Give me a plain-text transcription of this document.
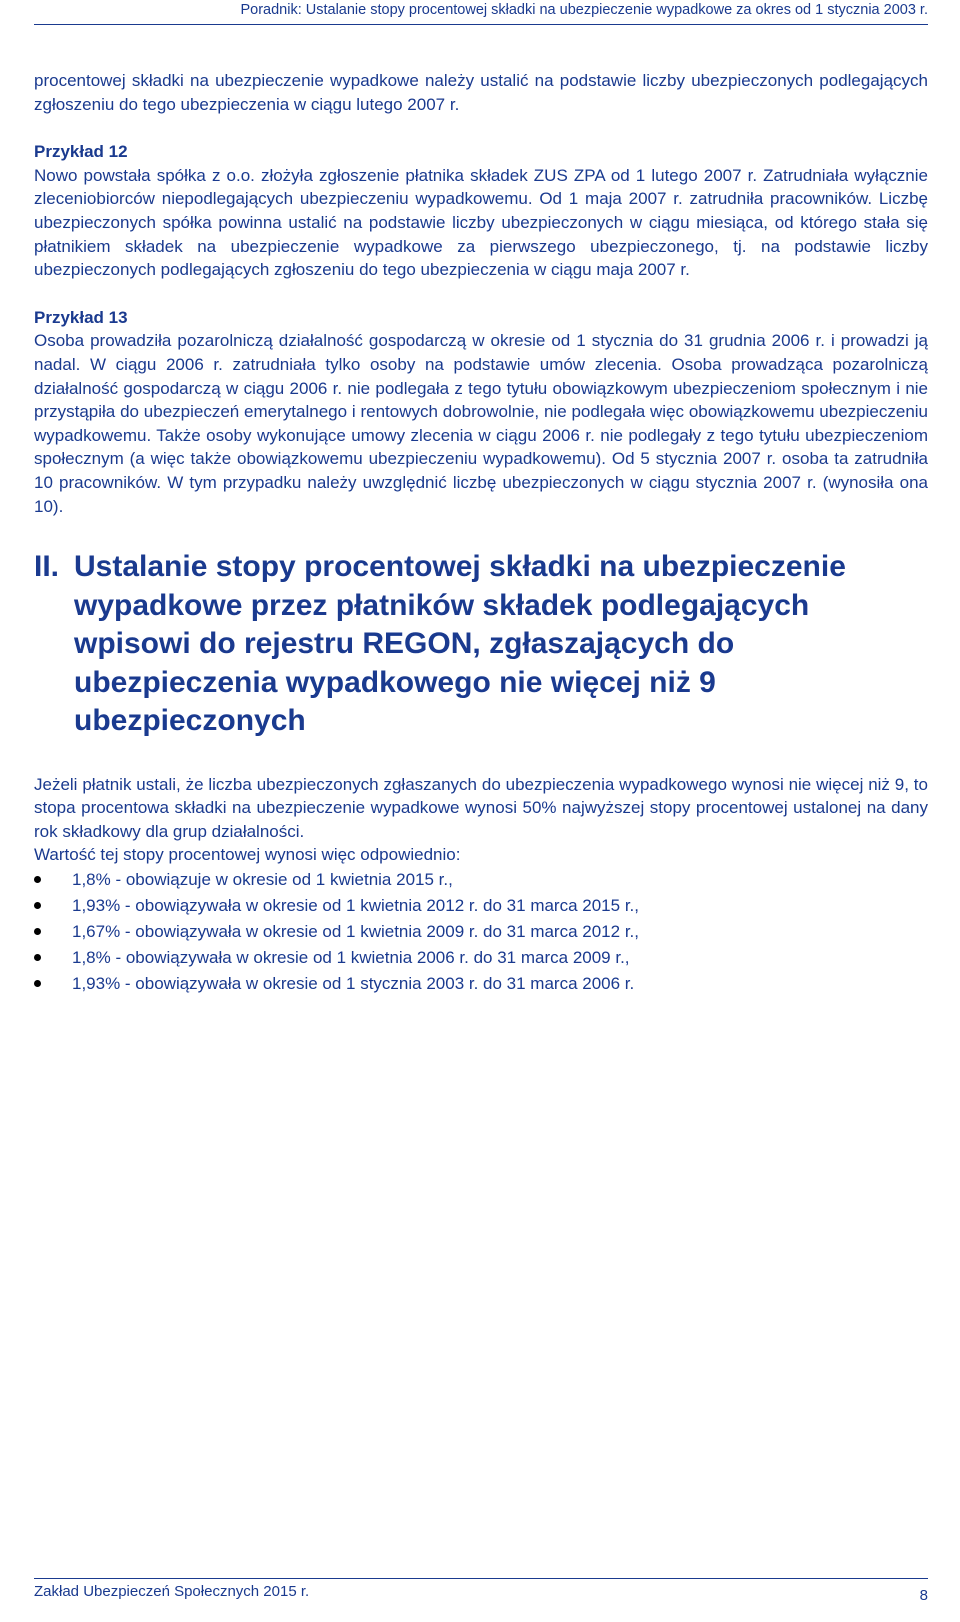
Poradnik: Ustalanie stopy procentowej składki na ubezpieczenie wypadkowe za okres od 1 stycznia 2003 r.

procentowej składki na ubezpieczenie wypadkowe należy ustalić na podstawie liczby ubezpieczonych podlegających zgłoszeniu do tego ubezpieczenia w ciągu lutego 2007 r.

Przykład 12

Nowo powstała spółka z o.o. złożyła zgłoszenie płatnika składek ZUS ZPA od 1 lutego 2007 r. Zatrudniała wyłącznie zleceniobiorców niepodlegających ubezpieczeniu wypadkowemu. Od 1 maja 2007 r. zatrudniła pracowników. Liczbę ubezpieczonych spółka powinna ustalić na podstawie liczby ubezpieczonych w ciągu miesiąca, od którego stała się płatnikiem składek na ubezpieczenie wypadkowe za pierwszego ubezpieczonego, tj. na podstawie liczby ubezpieczonych podlegających zgłoszeniu do tego ubezpieczenia w ciągu maja 2007 r.

Przykład 13

Osoba prowadziła pozarolniczą działalność gospodarczą w okresie od 1 stycznia do 31 grudnia 2006 r. i prowadzi ją nadal. W ciągu 2006 r. zatrudniała tylko osoby na podstawie umów zlecenia. Osoba prowadząca pozarolniczą działalność gospodarczą w ciągu 2006 r. nie podlegała z tego tytułu obowiązkowym ubezpieczeniom społecznym i nie przystąpiła do ubezpieczeń emerytalnego i rentowych dobrowolnie, nie podlegała więc obowiązkowemu ubezpieczeniu wypadkowemu. Także osoby wykonujące umowy zlecenia w ciągu 2006 r. nie podlegały z tego tytułu ubezpieczeniom społecznym (a więc także obowiązkowemu ubezpieczeniu wypadkowemu). Od 5 stycznia 2007 r. osoba ta zatrudniła 10 pracowników. W tym przypadku należy uwzględnić liczbę ubezpieczonych w ciągu stycznia 2007 r. (wynosiła ona 10).

II. Ustalanie stopy procentowej składki na ubezpieczenie wypadkowe przez płatników składek podlegających wpisowi do rejestru REGON, zgłaszających do ubezpieczenia wypadkowego nie więcej niż 9 ubezpieczonych

Jeżeli płatnik ustali, że liczba ubezpieczonych zgłaszanych do ubezpieczenia wypadkowego wynosi nie więcej niż 9, to stopa procentowa składki na ubezpieczenie wypadkowe wynosi 50% najwyższej stopy procentowej ustalonej na dany rok składkowy dla grup działalności.

Wartość tej stopy procentowej wynosi więc odpowiednio:
1,8% - obowiązuje w okresie od 1 kwietnia 2015 r.,
1,93% - obowiązywała w okresie od 1 kwietnia 2012 r. do 31 marca 2015 r.,
1,67% - obowiązywała w okresie od 1 kwietnia 2009 r. do 31 marca 2012 r.,
1,8% - obowiązywała w okresie od 1 kwietnia 2006 r. do 31 marca 2009 r.,
1,93% - obowiązywała w okresie od 1 stycznia 2003 r. do 31 marca 2006 r.
Zakład Ubezpieczeń Społecznych 2015 r.	8
